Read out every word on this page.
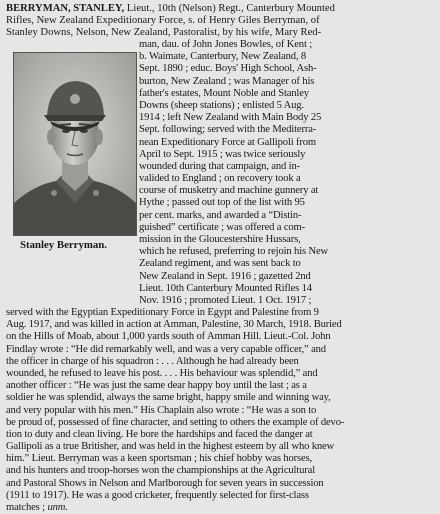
BERRYMAN, STANLEY, Lieut., 10th (Nelson) Regt., Canterbury Mounted
Rifles, New Zealand Expeditionary Force, s. of Henry Giles Berryman, of
Stanley Downs, Nelson, New Zealand, Pastoralist, by his wife, Mary Red-
Stanley Berryman.
man, dau. of John Jones Bowles, of Kent ;
b. Waimate, Canterbury, New Zealand, 8
Sept. 1890 ; educ. Boys' High School, Ash-
burton, New Zealand ; was Manager of his
father's estates, Mount Noble and Stanley
Downs (sheep stations) ; enlisted 5 Aug.
1914 ; left New Zealand with Main Body 25
Sept. following; served with the Mediterra-
nean Expeditionary Force at Gallipoli from
April to Sept. 1915 ; was twice seriously
wounded during that campaign, and in-
valided to England ; on recovery took a
course of musketry and machine gunnery at
Hythe ; passed out top of the list with 95
per cent. marks, and awarded a “Distin-
guished” certificate ; was offered a com-
mission in the Gloucestershire Hussars,
which he refused, preferring to rejoin his New
Zealand regiment, and was sent back to
New Zealand in Sept. 1916 ; gazetted 2nd
Lieut. 10th Canterbury Mounted Rifles 14
Nov. 1916 ; promoted Lieut. 1 Oct. 1917 ;
served with the Egyptian Expeditionary Force in Egypt and Palestine from 9
Aug. 1917, and was killed in action at Amman, Palestine, 30 March, 1918. Buried
on the Hills of Moab, about 1,000 yards south of Amman Hill. Lieut.-Col. John
Findlay wrote : “He did remarkably well, and was a very capable officer,” and
the officer in charge of his squadron : . . . Although he had already been
wounded, he refused to leave his post. . . . His behaviour was splendid,” and
another officer : “He was just the same dear happy boy until the last ; as a
soldier he was splendid, always the same bright, happy smile and winning way,
and very popular with his men.” His Chaplain also wrote : “He was a son to
be proud of, possessed of fine character, and setting to others the example of devo-
tion to duty and clean living. He bore the hardships and faced the danger at
Gallipoli as a true Britisher, and was held in the highest esteem by all who knew
him.” Lieut. Berryman was a keen sportsman ; his chief hobby was horses,
and his hunters and troop-horses won the championships at the Agricultural
and Pastoral Shows in Nelson and Marlborough for seven years in succession
(1911 to 1917). He was a good cricketer, frequently selected for first-class
matches ; unm.
